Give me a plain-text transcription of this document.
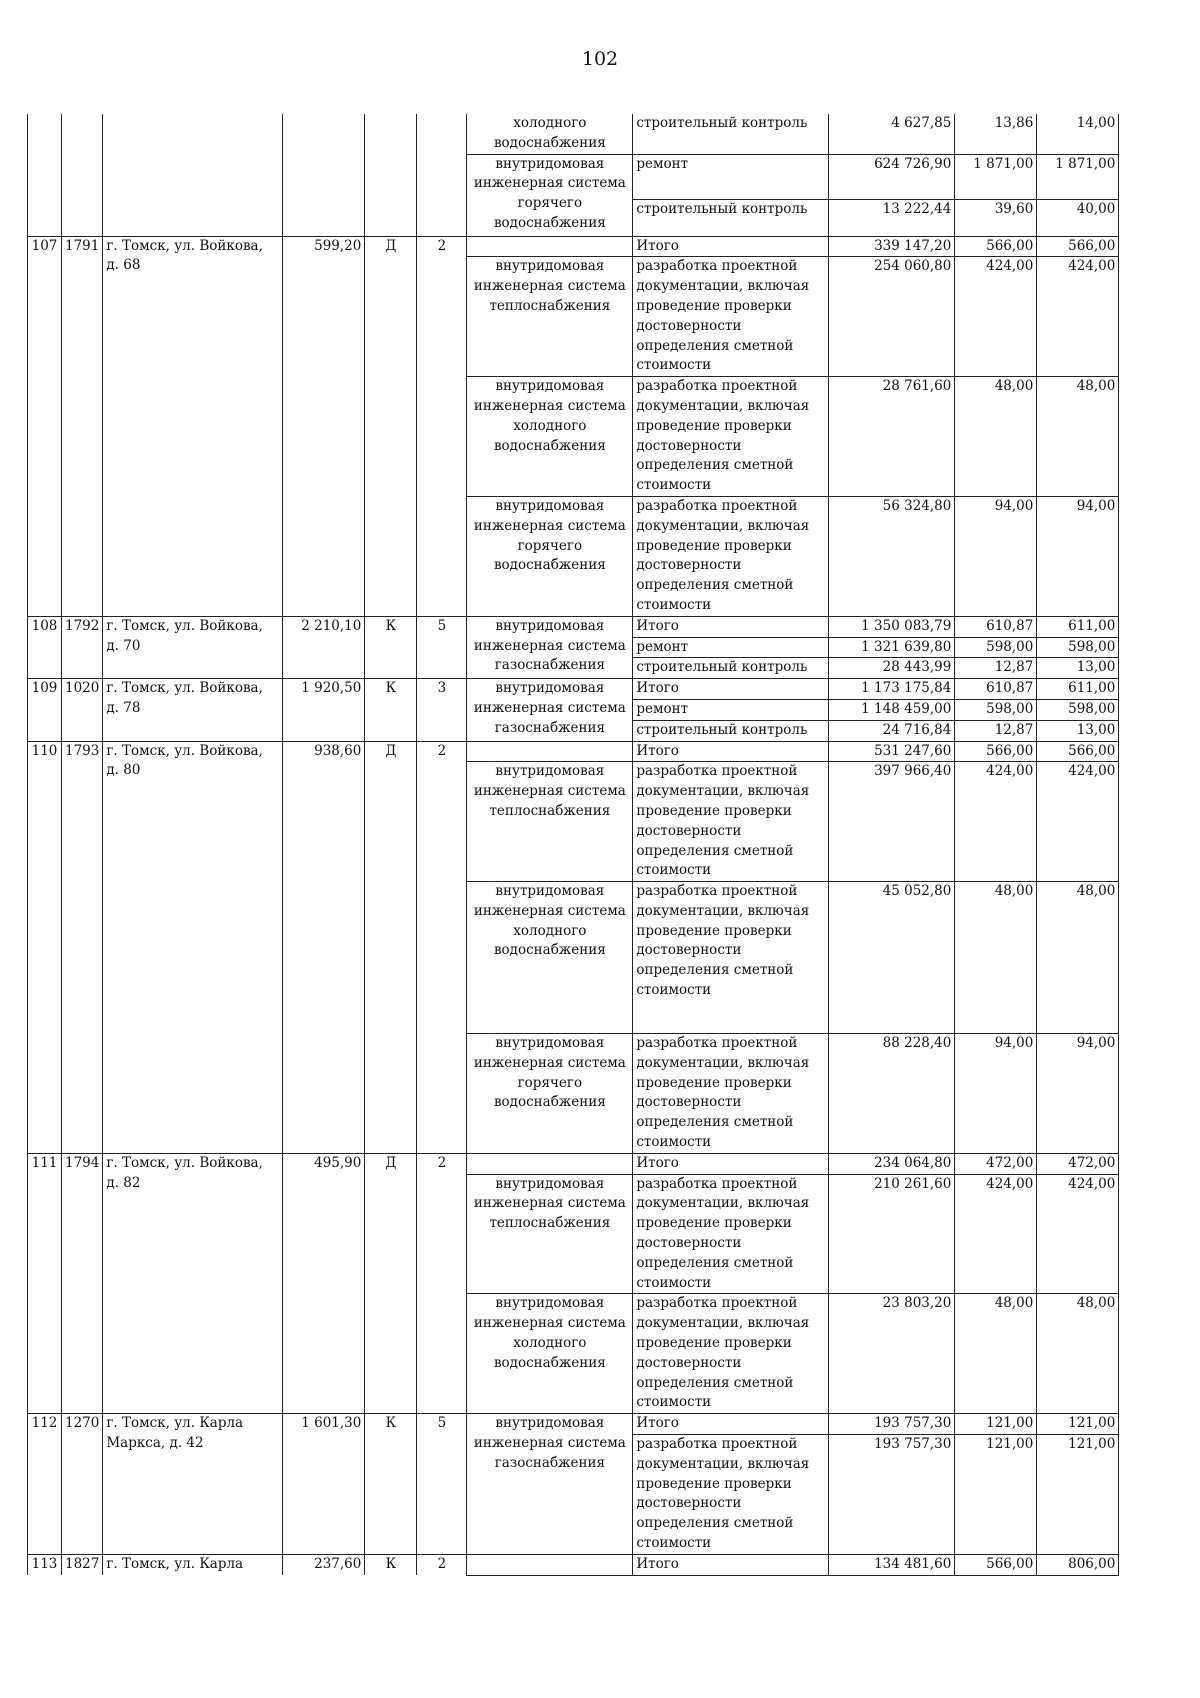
102
						холодного водоснабжения	строительный контроль	4 627,85	13,86	14,00
						внутридомовая инженерная система горячего водоснабжения	ремонт	624 726,90	1 871,00	1 871,00
							строительный контроль	13 222,44	39,60	40,00
107	1791	г. Томск, ул. Войкова, д. 68	599,20	Д	2		Итого	339 147,20	566,00	566,00
						внутридомовая инженерная система теплоснабжения	разработка проектной документации, включая проведение проверки достоверности определения сметной стоимости	254 060,80	424,00	424,00
						внутридомовая инженерная система холодного водоснабжения	разработка проектной документации, включая проведение проверки достоверности определения сметной стоимости	28 761,60	48,00	48,00
						внутридомовая инженерная система горячего водоснабжения	разработка проектной документации, включая проведение проверки достоверности определения сметной стоимости	56 324,80	94,00	94,00
108	1792	г. Томск, ул. Войкова, д. 70	2 210,10	К	5	внутридомовая инженерная система газоснабжения	Итого	1 350 083,79	610,87	611,00
							ремонт	1 321 639,80	598,00	598,00
							строительный контроль	28 443,99	12,87	13,00
109	1020	г. Томск, ул. Войкова, д. 78	1 920,50	К	3	внутридомовая инженерная система газоснабжения	Итого	1 173 175,84	610,87	611,00
							ремонт	1 148 459,00	598,00	598,00
							строительный контроль	24 716,84	12,87	13,00
110	1793	г. Томск, ул. Войкова, д. 80	938,60	Д	2		Итого	531 247,60	566,00	566,00
						внутридомовая инженерная система теплоснабжения	разработка проектной документации, включая проведение проверки достоверности определения сметной стоимости	397 966,40	424,00	424,00
						внутридомовая инженерная система холодного водоснабжения	разработка проектной документации, включая проведение проверки достоверности определения сметной стоимости	45 052,80	48,00	48,00
						внутридомовая инженерная система горячего водоснабжения	разработка проектной документации, включая проведение проверки достоверности определения сметной стоимости	88 228,40	94,00	94,00
111	1794	г. Томск, ул. Войкова, д. 82	495,90	Д	2		Итого	234 064,80	472,00	472,00
						внутридомовая инженерная система теплоснабжения	разработка проектной документации, включая проведение проверки достоверности определения сметной стоимости	210 261,60	424,00	424,00
						внутридомовая инженерная система холодного водоснабжения	разработка проектной документации, включая проведение проверки достоверности определения сметной стоимости	23 803,20	48,00	48,00
112	1270	г. Томск, ул. Карла Маркса, д. 42	1 601,30	К	5	внутридомовая инженерная система газоснабжения	Итого	193 757,30	121,00	121,00
							разработка проектной документации, включая проведение проверки достоверности определения сметной стоимости	193 757,30	121,00	121,00
113	1827	г. Томск, ул. Карла	237,60	К	2		Итого	134 481,60	566,00	806,00
